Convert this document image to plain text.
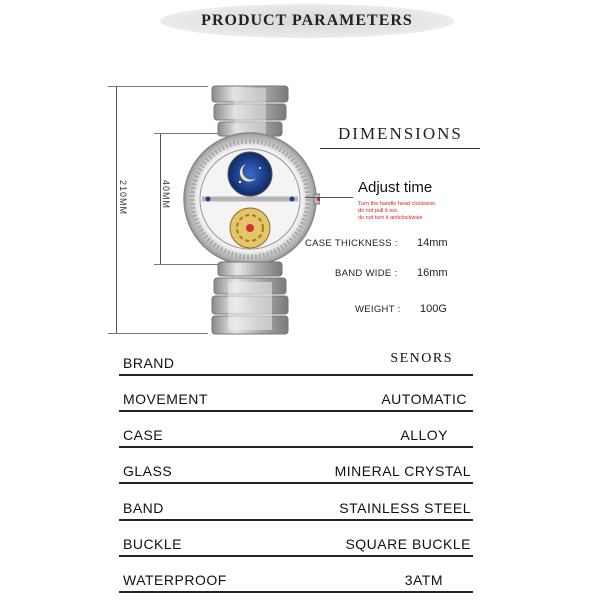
PRODUCT PARAMETERS
210MM	40MM
DIMENSIONS
Adjust time
Turn the handle head clockwise,
do not pull it out,
do not turn it anticlockwise
CASE THICKNESS : 14mm
BAND WIDE : 16mm
WEIGHT : 100G
BRAND	SENORS
MOVEMENT	AUTOMATIC
CASE	ALLOY
GLASS	MINERAL CRYSTAL
BAND	STAINLESS STEEL
BUCKLE	SQUARE BUCKLE
WATERPROOF	3ATM
